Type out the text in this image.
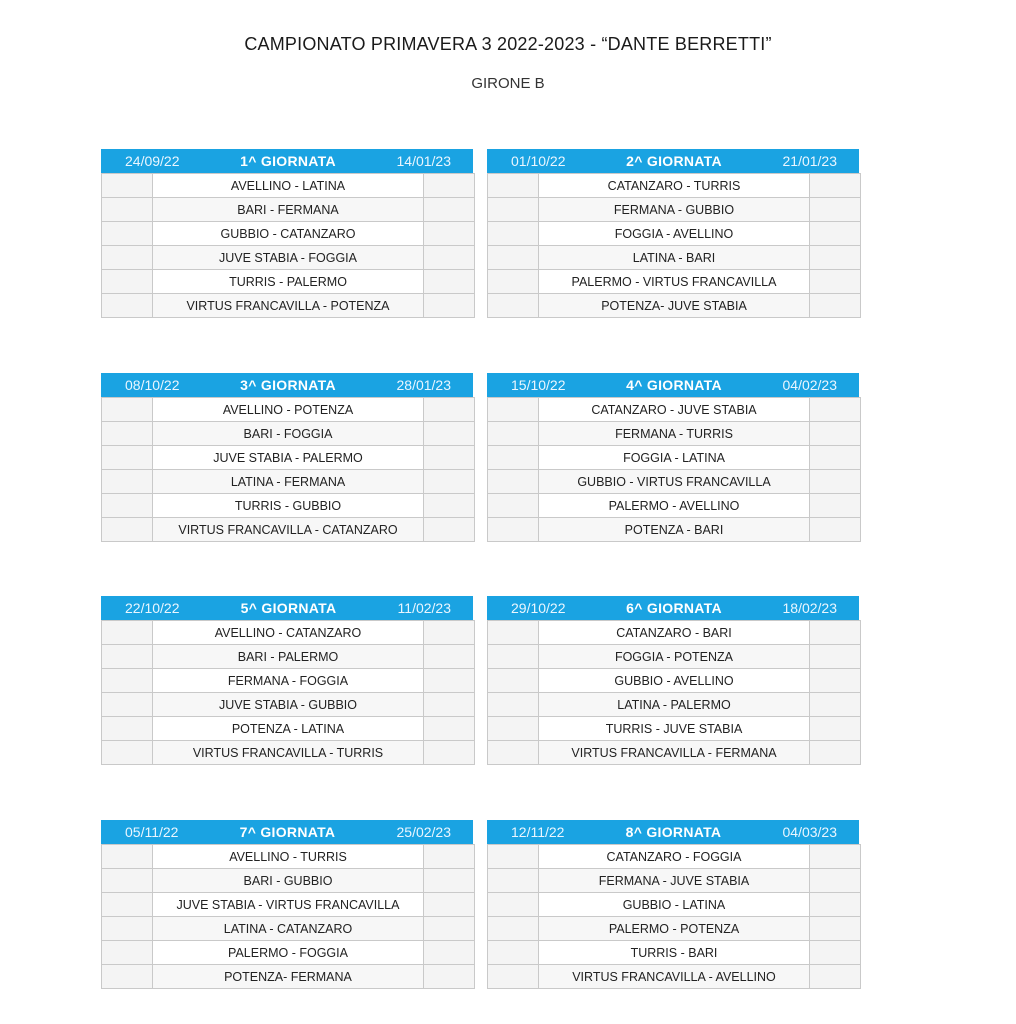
CAMPIONATO PRIMAVERA 3 2022-2023 - “DANTE BERRETTI”
GIRONE B
24/09/22	1^ GIORNATA	14/01/23
	AVELLINO - LATINA	
	BARI - FERMANA	
	GUBBIO - CATANZARO	
	JUVE STABIA - FOGGIA	
	TURRIS - PALERMO	
	VIRTUS FRANCAVILLA - POTENZA	
01/10/22	2^ GIORNATA	21/01/23
	CATANZARO - TURRIS	
	FERMANA - GUBBIO	
	FOGGIA - AVELLINO	
	LATINA - BARI	
	PALERMO - VIRTUS FRANCAVILLA	
	POTENZA- JUVE STABIA	
08/10/22	3^ GIORNATA	28/01/23
	AVELLINO - POTENZA	
	BARI - FOGGIA	
	JUVE STABIA - PALERMO	
	LATINA - FERMANA	
	TURRIS - GUBBIO	
	VIRTUS FRANCAVILLA - CATANZARO	
15/10/22	4^ GIORNATA	04/02/23
	CATANZARO - JUVE STABIA	
	FERMANA - TURRIS	
	FOGGIA - LATINA	
	GUBBIO - VIRTUS FRANCAVILLA	
	PALERMO - AVELLINO	
	POTENZA - BARI	
22/10/22	5^ GIORNATA	11/02/23
	AVELLINO - CATANZARO	
	BARI - PALERMO	
	FERMANA - FOGGIA	
	JUVE STABIA - GUBBIO	
	POTENZA - LATINA	
	VIRTUS FRANCAVILLA - TURRIS	
29/10/22	6^ GIORNATA	18/02/23
	CATANZARO - BARI	
	FOGGIA - POTENZA	
	GUBBIO - AVELLINO	
	LATINA - PALERMO	
	TURRIS - JUVE STABIA	
	VIRTUS FRANCAVILLA - FERMANA	
05/11/22	7^ GIORNATA	25/02/23
	AVELLINO - TURRIS	
	BARI - GUBBIO	
	JUVE STABIA - VIRTUS FRANCAVILLA	
	LATINA - CATANZARO	
	PALERMO - FOGGIA	
	POTENZA- FERMANA	
12/11/22	8^ GIORNATA	04/03/23
	CATANZARO - FOGGIA	
	FERMANA - JUVE STABIA	
	GUBBIO - LATINA	
	PALERMO - POTENZA	
	TURRIS - BARI	
	VIRTUS FRANCAVILLA - AVELLINO	
